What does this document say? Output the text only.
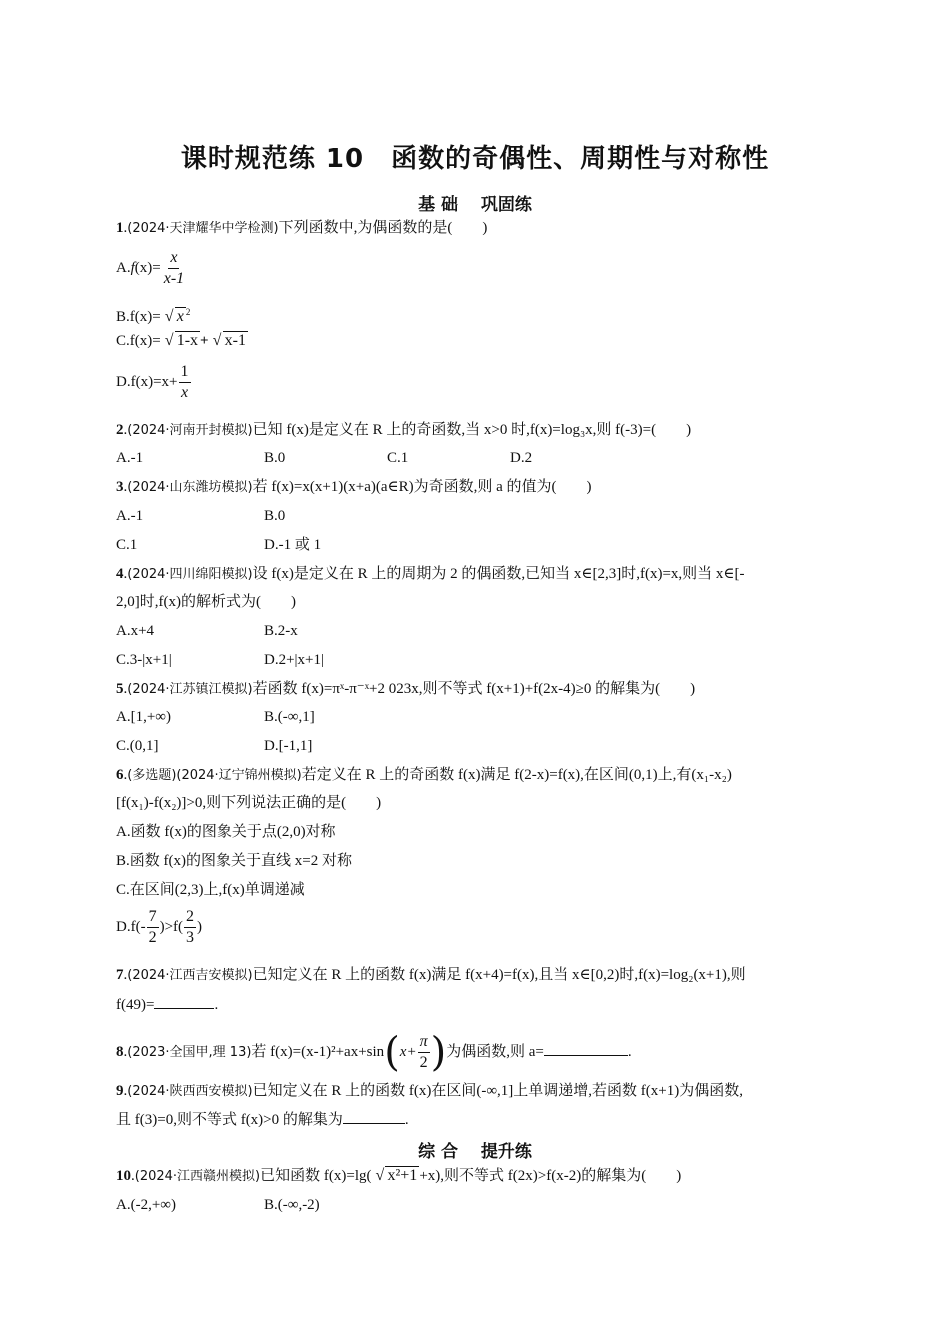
课时规范练 10　函数的奇偶性、周期性与对称性
基 础　 巩固练
1.(2024·天津耀华中学检测)下列函数中,为偶函数的是(　　)
$A.f(x)= \frac{x}{x-1}$
B.f(x)= √ x $^2$
C.f(x)= √ 1-x + √ x-1
$D.f(x)=x+ \frac{1}{x}$
2.(2024·河南开封模拟)已知 f(x)是定义在 R 上的奇函数,当 x>0 时,f(x)=log₃x,则 f(-3)=(　　)
A.-1	B.0	C.1	D.2
3.(2024·山东潍坊模拟)若 f(x)=x(x+1)(x+a)(a∈R)为奇函数,则 a 的值为(　　)
A.-1	B.0
C.1	D.-1 或 1
4.(2024·四川绵阳模拟)设 f(x)是定义在 R 上的周期为 2 的偶函数,已知当 x∈[2,3]时,f(x)=x,则当 x∈[-
2,0]时,f(x)的解析式为(　　)
A.x+4	B.2-x
C.3-|x+1|	D.2+|x+1|
5.(2024·江苏镇江模拟)若函数 f(x)=πˣ-π⁻ˣ+2 023x,则不等式 f(x+1)+f(2x-4)≥0 的解集为(　　)
A.[1,+∞)	B.(-∞,1]
C.(0,1]	D.[-1,1]
6.(多选题)(2024·辽宁锦州模拟)若定义在 R 上的奇函数 f(x)满足 f(2-x)=f(x),在区间(0,1)上,有(x₁-x₂)
[f(x₁)-f(x₂)]>0,则下列说法正确的是(　　)
A.函数 f(x)的图象关于点(2,0)对称
B.函数 f(x)的图象关于直线 x=2 对称
C.在区间(2,3)上,f(x)单调递减
$D.f(- \frac{7}{2} )>f( \frac{2}{3}$ )
7.(2024·江西吉安模拟)已知定义在 R 上的函数 f(x)满足 f(x+4)=f(x),且当 x∈[0,2)时,f(x)=log₂(x+1),则
f(49)=	.
8.(2023·全国甲,理 13)若 $f(x)=(x-1)^2+ax+\sin(x+ \frac{\pi}{2}$ )为偶函数,则 a=	.
9.(2024·陕西西安模拟)已知定义在 R 上的函数 f(x)在区间(-∞,1]上单调递增,若函数 f(x+1)为偶函数,
且 f(3)=0,则不等式 f(x)>0 的解集为	.
综 合　 提升练
10.(2024·江西赣州模拟)已知函数 f(x)=lg( √ x²+1 +x),则不等式 f(2x)>f(x-2)的解集为(　　)
A.(-2,+∞)	B.(-∞,-2)
